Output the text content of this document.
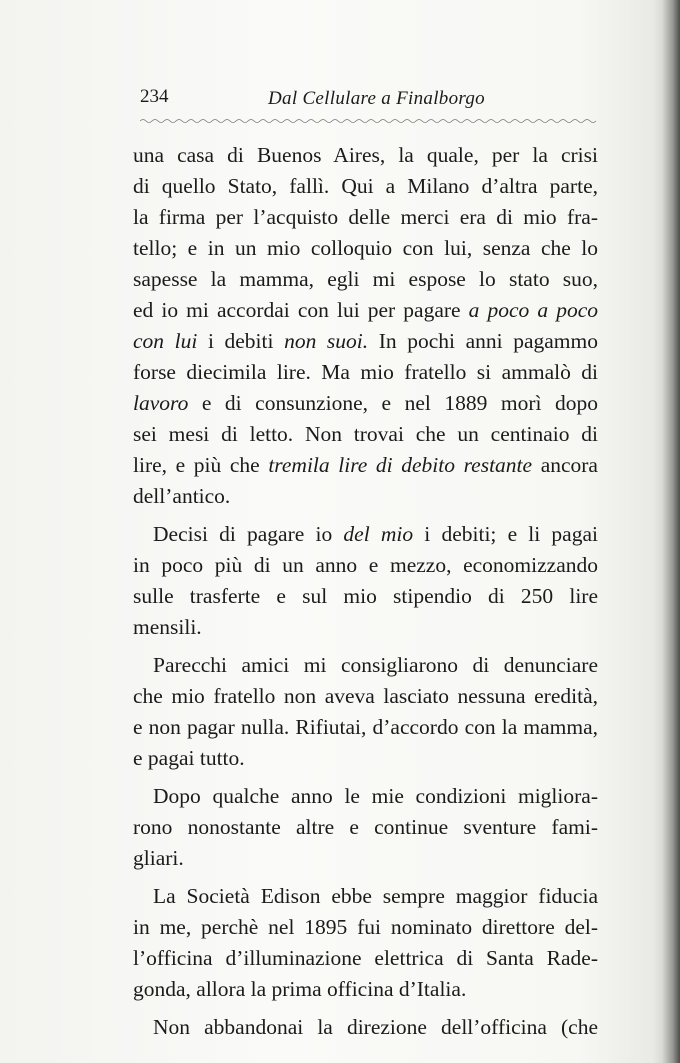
234	Dal Cellulare a Finalborgo
una casa di Buenos Aires, la quale, per la crisi
di quello Stato, fallì. Qui a Milano d’altra parte,
la firma per l’acquisto delle merci era di mio fra-
tello; e in un mio colloquio con lui, senza che lo
sapesse la mamma, egli mi espose lo stato suo,
ed io mi accordai con lui per pagare a poco a poco
con lui i debiti non suoi. In pochi anni pagammo
forse diecimila lire. Ma mio fratello si ammalò di
lavoro e di consunzione, e nel 1889 morì dopo
sei mesi di letto. Non trovai che un centinaio di
lire, e più che tremila lire di debito restante ancora
dell’antico.
Decisi di pagare io del mio i debiti; e li pagai
in poco più di un anno e mezzo, economizzando
sulle trasferte e sul mio stipendio di 250 lire
mensili.
Parecchi amici mi consigliarono di denunciare
che mio fratello non aveva lasciato nessuna eredità,
e non pagar nulla. Rifiutai, d’accordo con la mamma,
e pagai tutto.
Dopo qualche anno le mie condizioni migliora-
rono nonostante altre e continue sventure fami-
gliari.
La Società Edison ebbe sempre maggior fiducia
in me, perchè nel 1895 fui nominato direttore del-
l’officina d’illuminazione elettrica di Santa Rade-
gonda, allora la prima officina d’Italia.
Non abbandonai la direzione dell’officina (che
